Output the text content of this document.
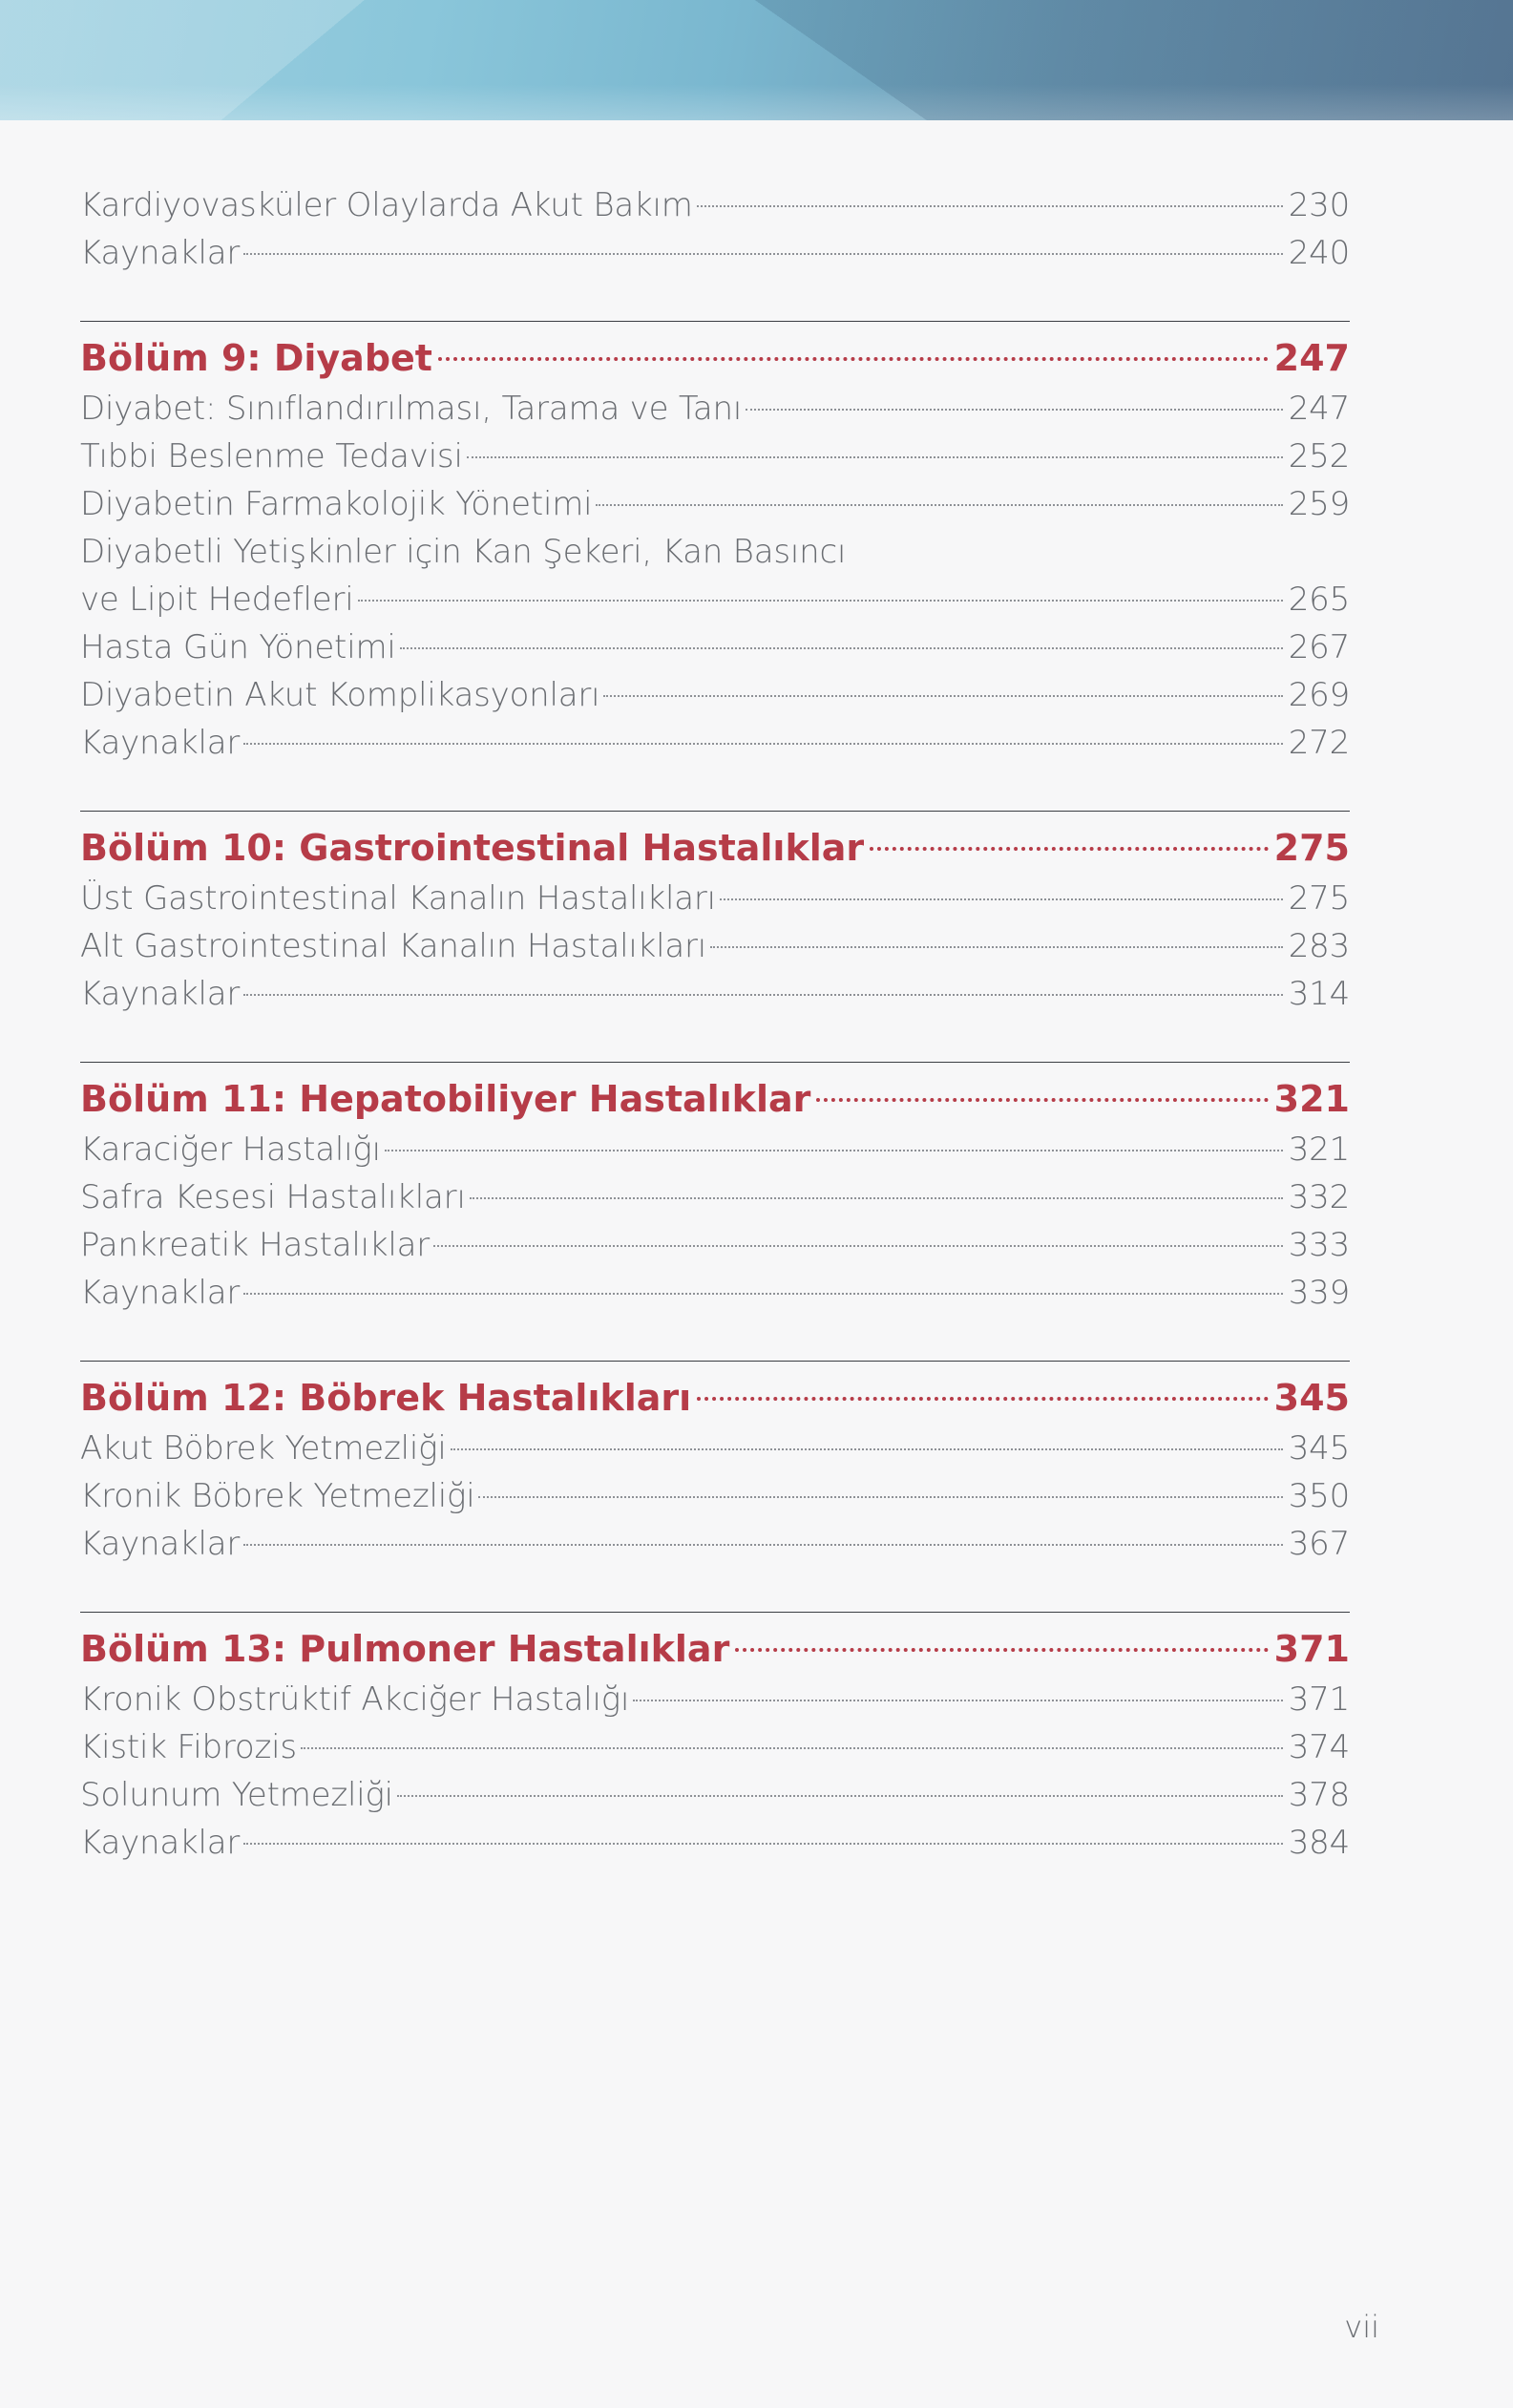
Kardiyovasküler Olaylarda Akut Bakım	230
Kaynaklar	240
Bölüm 9: Diyabet	247
Diyabet: Sınıflandırılması, Tarama ve Tanı	247
Tıbbi Beslenme Tedavisi	252
Diyabetin Farmakolojik Yönetimi	259
Diyabetli Yetişkinler için Kan Şekeri, Kan Basıncı
ve Lipit Hedefleri	265
Hasta Gün Yönetimi	267
Diyabetin Akut Komplikasyonları	269
Kaynaklar	272
Bölüm 10: Gastrointestinal Hastalıklar	275
Üst Gastrointestinal Kanalın Hastalıkları	275
Alt Gastrointestinal Kanalın Hastalıkları	283
Kaynaklar	314
Bölüm 11: Hepatobiliyer Hastalıklar	321
Karaciğer Hastalığı	321
Safra Kesesi Hastalıkları	332
Pankreatik Hastalıklar	333
Kaynaklar	339
Bölüm 12: Böbrek Hastalıkları	345
Akut Böbrek Yetmezliği	345
Kronik Böbrek Yetmezliği	350
Kaynaklar	367
Bölüm 13: Pulmoner Hastalıklar	371
Kronik Obstrüktif Akciğer Hastalığı	371
Kistik Fibrozis	374
Solunum Yetmezliği	378
Kaynaklar	384
vii
